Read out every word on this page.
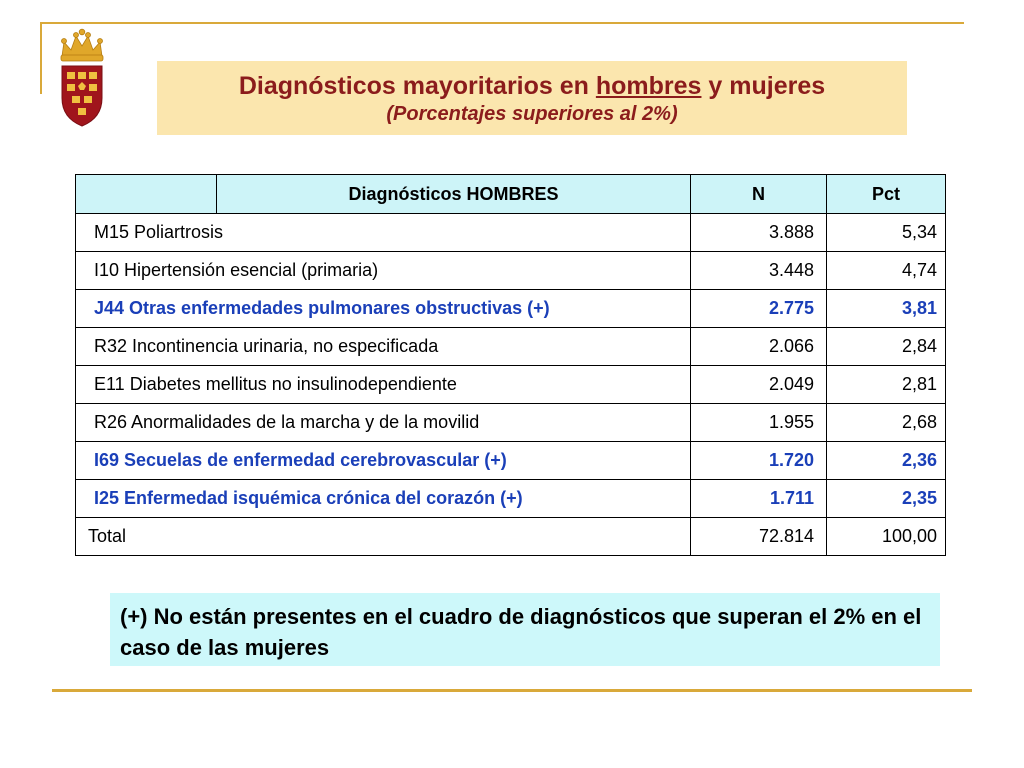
Diagnósticos mayoritarios en hombres y mujeres
(Porcentajes superiores al 2%)
	Diagnósticos HOMBRES	N	Pct
M15 Poliartrosis		3.888	5,34
I10 Hipertensión esencial (primaria)		3.448	4,74
J44 Otras enfermedades pulmonares obstructivas (+)		2.775	3,81
R32 Incontinencia urinaria, no especificada		2.066	2,84
E11 Diabetes mellitus no insulinodependiente		2.049	2,81
R26 Anormalidades de la marcha y de la movilid		1.955	2,68
I69 Secuelas de enfermedad cerebrovascular (+)		1.720	2,36
I25 Enfermedad isquémica crónica del corazón (+)		1.711	2,35
Total		72.814	100,00
(+) No están presentes en el cuadro de diagnósticos que superan el 2% en el caso de las mujeres
